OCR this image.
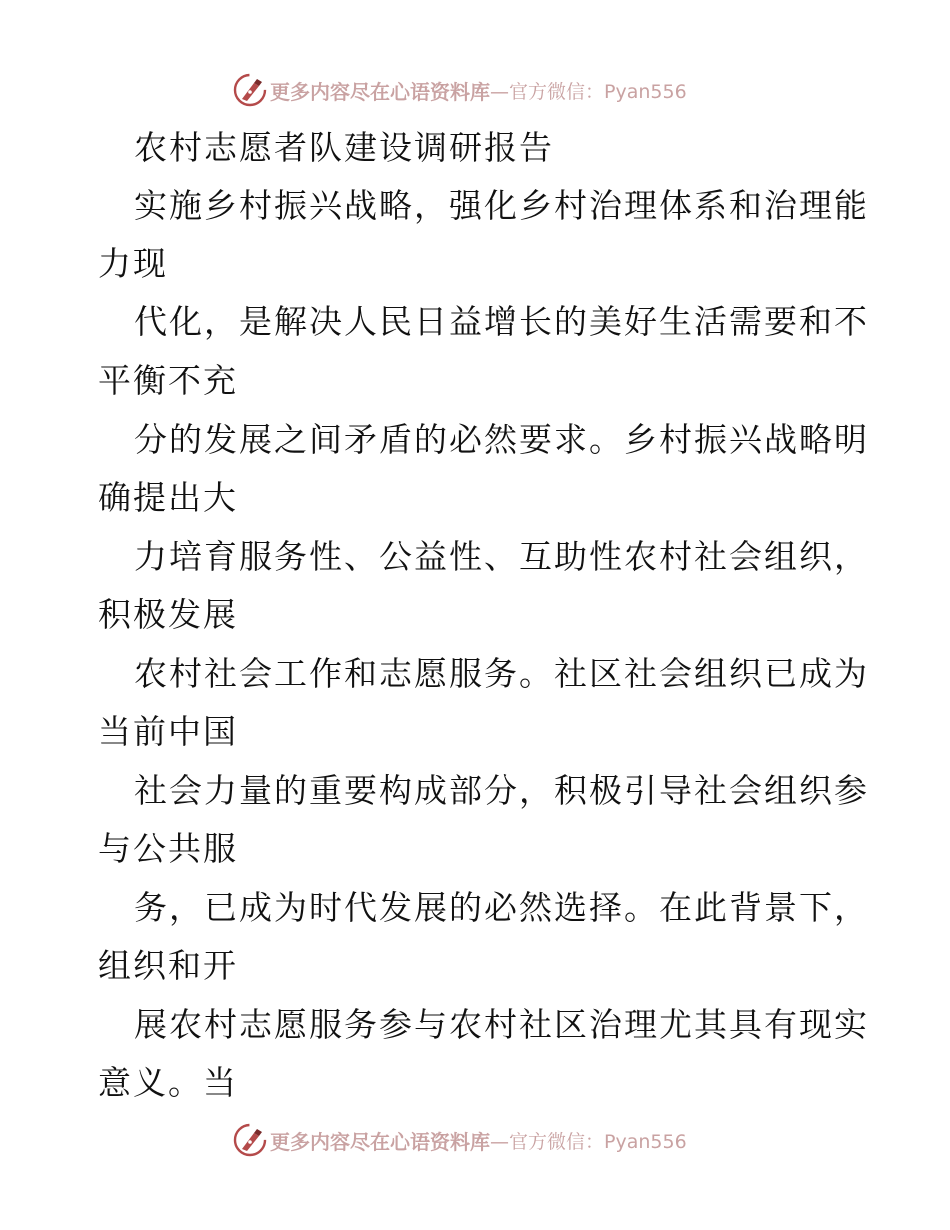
更多内容尽在心语资料库 —官方微信：Pyan556
农村志愿者队建设调研报告
实施乡村振兴战略，强化乡村治理体系和治理能
力现
代化，是解决人民日益增长的美好生活需要和不
平衡不充
分的发展之间矛盾的必然要求。乡村振兴战略明
确提出大
力培育服务性、公益性、互助性农村社会组织，
积极发展
农村社会工作和志愿服务。社区社会组织已成为
当前中国
社会力量的重要构成部分，积极引导社会组织参
与公共服
务，已成为时代发展的必然选择。在此背景下，
组织和开
展农村志愿服务参与农村社区治理尤其具有现实
意义。当
更多内容尽在心语资料库 —官方微信：Pyan556
